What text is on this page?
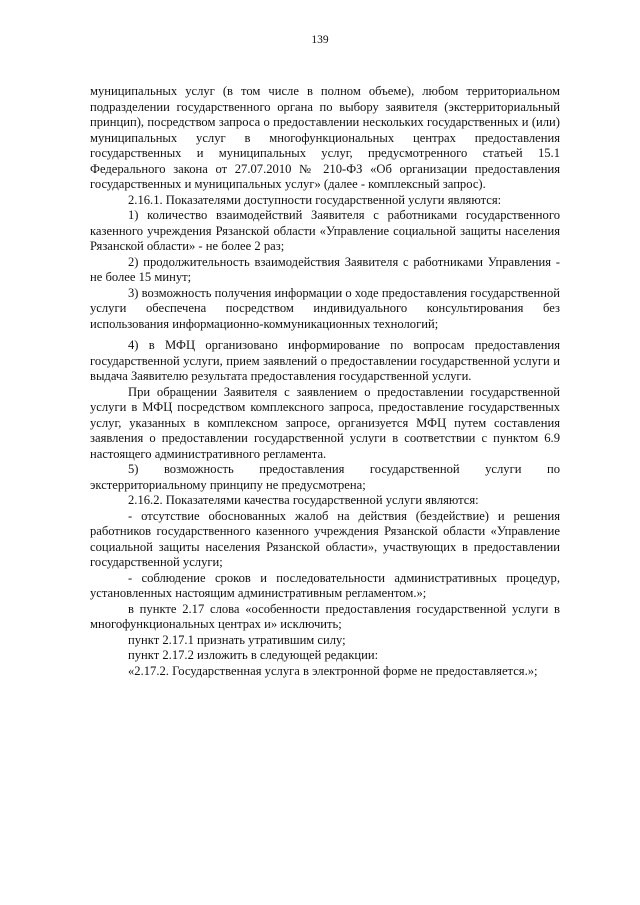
139

муниципальных услуг (в том числе в полном объеме), любом территориальном подразделении государственного органа по выбору заявителя (экстерриториальный принцип), посредством запроса о предоставлении нескольких государственных и (или) муниципальных услуг в многофункциональных центрах предоставления государственных и муниципальных услуг, предусмотренного статьей 15.1 Федерального закона от 27.07.2010 № 210-ФЗ «Об организации предоставления государственных и муниципальных услуг» (далее - комплексный запрос).

2.16.1. Показателями доступности государственной услуги являются:

1) количество взаимодействий Заявителя с работниками государственного казенного учреждения Рязанской области «Управление социальной защиты населения Рязанской области» - не более 2 раз;

2) продолжительность взаимодействия Заявителя с работниками Управления - не более 15 минут;

3) возможность получения информации о ходе предоставления государственной услуги обеспечена посредством индивидуального консультирования без использования информационно-коммуникационных технологий;

4) в МФЦ организовано информирование по вопросам предоставления государственной услуги, прием заявлений о предоставлении государственной услуги и выдача Заявителю результата предоставления государственной услуги.

При обращении Заявителя с заявлением о предоставлении государственной услуги в МФЦ посредством комплексного запроса, предоставление государственных услуг, указанных в комплексном запросе, организуется МФЦ путем составления заявления о предоставлении государственной услуги в соответствии с пунктом 6.9 настоящего административного регламента.

5) возможность предоставления государственной услуги по экстерриториальному принципу не предусмотрена;

2.16.2. Показателями качества государственной услуги являются:

- отсутствие обоснованных жалоб на действия (бездействие) и решения работников государственного казенного учреждения Рязанской области «Управление социальной защиты населения Рязанской области», участвующих в предоставлении государственной услуги;

- соблюдение сроков и последовательности административных процедур, установленных настоящим административным регламентом.»;

в пункте 2.17 слова «особенности предоставления государственной услуги в многофункциональных центрах и» исключить;

пункт 2.17.1 признать утратившим силу;

пункт 2.17.2 изложить в следующей редакции:

«2.17.2. Государственная услуга в электронной форме не предоставляется.»;
